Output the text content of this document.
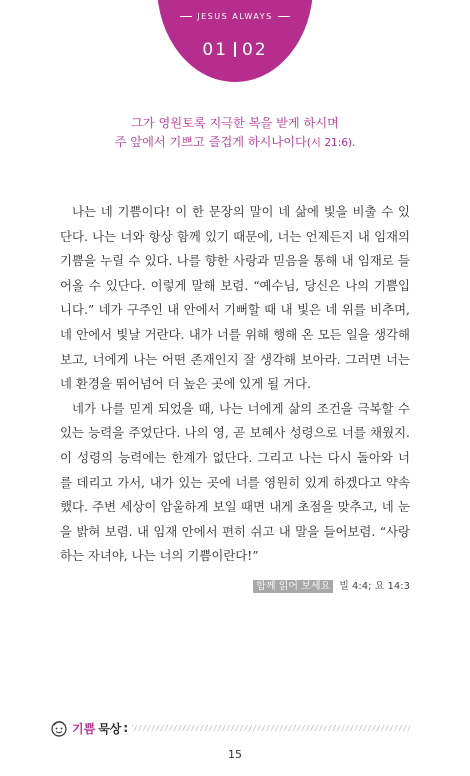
JESUS ALWAYS
01 02
그가 영원토록 지극한 복을 받게 하시며
주 앞에서 기쁘고 즐겁게 하시나이다(시 21:6).

나는 네 기쁨이다! 이 한 문장의 말이 네 삶에 빛을 비출 수 있단다. 나는 너와 항상 함께 있기 때문에, 너는 언제든지 내 임재의 기쁨을 누릴 수 있다. 나를 향한 사랑과 믿음을 통해 내 임재로 들어올 수 있단다. 이렇게 말해 보렴. “예수님, 당신은 나의 기쁨입니다.” 네가 구주인 내 안에서 기뻐할 때 내 빛은 네 위를 비추며, 네 안에서 빛날 거란다. 내가 너를 위해 행해 온 모든 일을 생각해 보고, 너에게 나는 어떤 존재인지 잘 생각해 보아라. 그러면 너는 네 환경을 뛰어넘어 더 높은 곳에 있게 될 거다.

네가 나를 믿게 되었을 때, 나는 너에게 삶의 조건을 극복할 수 있는 능력을 주었단다. 나의 영, 곧 보혜사 성령으로 너를 채웠지. 이 성령의 능력에는 한계가 없단다. 그리고 나는 다시 돌아와 너를 데리고 가서, 내가 있는 곳에 너를 영원히 있게 하겠다고 약속했다. 주변 세상이 암울하게 보일 때면 내게 초점을 맞추고, 네 눈을 밝혀 보렴. 내 임재 안에서 편히 쉬고 내 말을 들어보렴. “사랑하는 자녀야, 나는 너의 기쁨이란다!”

함께 읽어 보세요 빌 4:4; 요 14:3
기쁨 묵상 :
15
